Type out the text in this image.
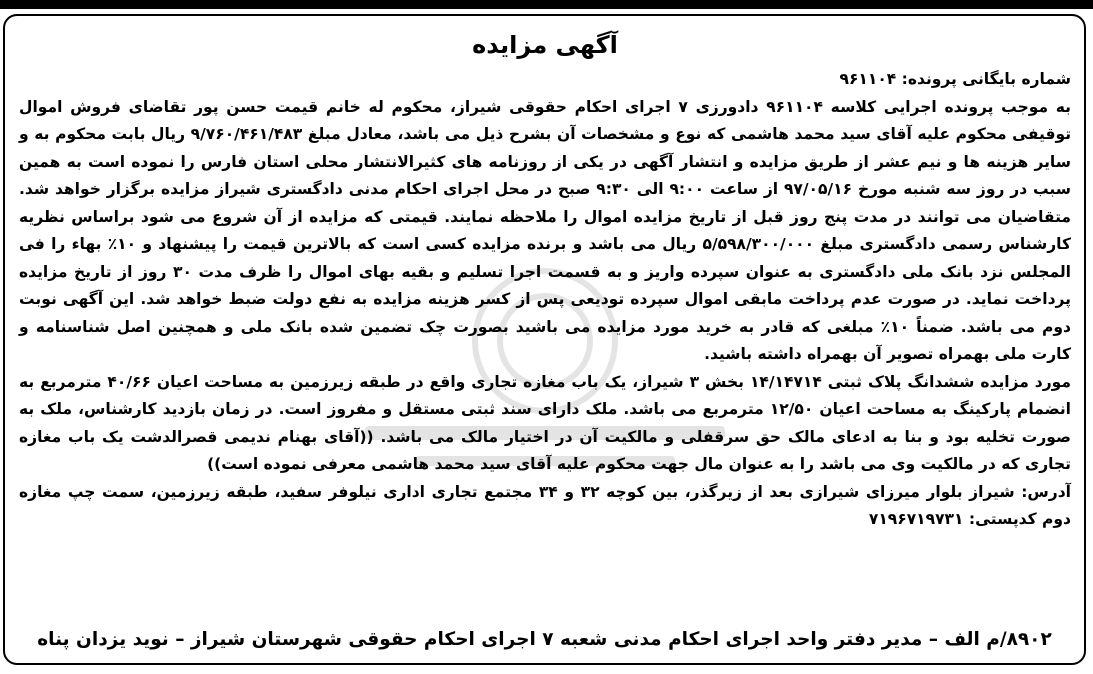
آگهی مزایده

شماره بایگانی پرونده: ۹۶۱۱۰۴

به موجب پرونده اجرایی کلاسه ۹۶۱۱۰۴ دادورزی ۷ اجرای احکام حقوقی شیراز، محکوم له خانم قیمت حسن پور تقاضای فروش اموال توقیفی محکوم علیه آقای سید محمد هاشمی که نوع و مشخصات آن بشرح ذیل می باشد، معادل مبلغ ۹/۷۶۰/۴۶۱/۴۸۳ ریال بابت محکوم به و سایر هزینه ها و نیم عشر از طریق مزایده و انتشار آگهی در یکی از روزنامه های کثیرالانتشار محلی استان فارس را نموده است به همین سبب در روز سه شنبه مورخ ۹۷/۰۵/۱۶ از ساعت ۹:۰۰ الی ۹:۳۰ صبح در محل اجرای احکام مدنی دادگستری شیراز مزایده برگزار خواهد شد. متقاضیان می توانند در مدت پنج روز قبل از تاریخ مزایده اموال را ملاحظه نمایند. قیمتی که مزایده از آن شروع می شود براساس نظریه کارشناس رسمی دادگستری مبلغ ۵/۵۹۸/۳۰۰/۰۰۰ ریال می باشد و برنده مزایده کسی است که بالاترین قیمت را پیشنهاد و ۱۰٪ بهاء را فی المجلس نزد بانک ملی دادگستری به عنوان سپرده واریز و به قسمت اجرا تسلیم و بقیه بهای اموال را ظرف مدت ۳۰ روز از تاریخ مزایده پرداخت نماید. در صورت عدم پرداخت مابقی اموال سپرده تودیعی پس از کسر هزینه مزایده به نفع دولت ضبط خواهد شد. این آگهی نوبت دوم می باشد. ضمناً ۱۰٪ مبلغی که قادر به خرید مورد مزایده می باشید بصورت چک تضمین شده بانک ملی و همچنین اصل شناسنامه و کارت ملی بهمراه تصویر آن بهمراه داشته باشید.

مورد مزایده ششدانگ پلاک ثبتی ۱۴/۱۴۷۱۴ بخش ۳ شیراز، یک باب مغازه تجاری واقع در طبقه زیرزمین به مساحت اعیان ۴۰/۶۶ مترمربع به انضمام پارکینگ به مساحت اعیان ۱۲/۵۰ مترمربع می باشد. ملک دارای سند ثبتی مستقل و مفروز است. در زمان بازدید کارشناس، ملک به صورت تخلیه بود و بنا به ادعای مالک حق سرقفلی و مالکیت آن در اختیار مالک می باشد. ((آقای بهنام ندیمی قصرالدشت یک باب مغازه تجاری که در مالکیت وی می باشد را به عنوان مال جهت محکوم علیه آقای سید محمد هاشمی معرفی نموده است))

آدرس: شیراز بلوار میرزای شیرازی بعد از زیرگذر، بین کوچه ۳۲ و ۳۴ مجتمع تجاری اداری نیلوفر سفید، طبقه زیرزمین، سمت چپ مغازه دوم کدپستی: ۷۱۹۶۷۱۹۷۳۱

۸۹۰۲/م الف – مدیر دفتر واحد اجرای احکام مدنی شعبه ۷ اجرای احکام حقوقی شهرستان شیراز – نوید یزدان پناه
